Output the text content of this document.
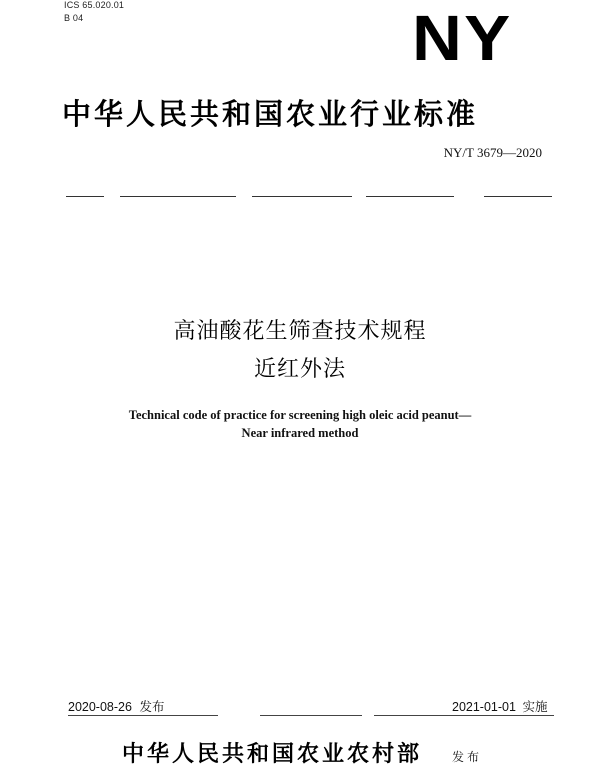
ICS 65.020.01
B 04	NY
中华人民共和国农业行业标准
NY/T 3679—2020
高油酸花生筛查技术规程
近红外法
Technical code of practice for screening high oleic acid peanut—
Near infrared method
2020-08-26 发布	2021-01-01 实施
中华人民共和国农业农村部 发布
